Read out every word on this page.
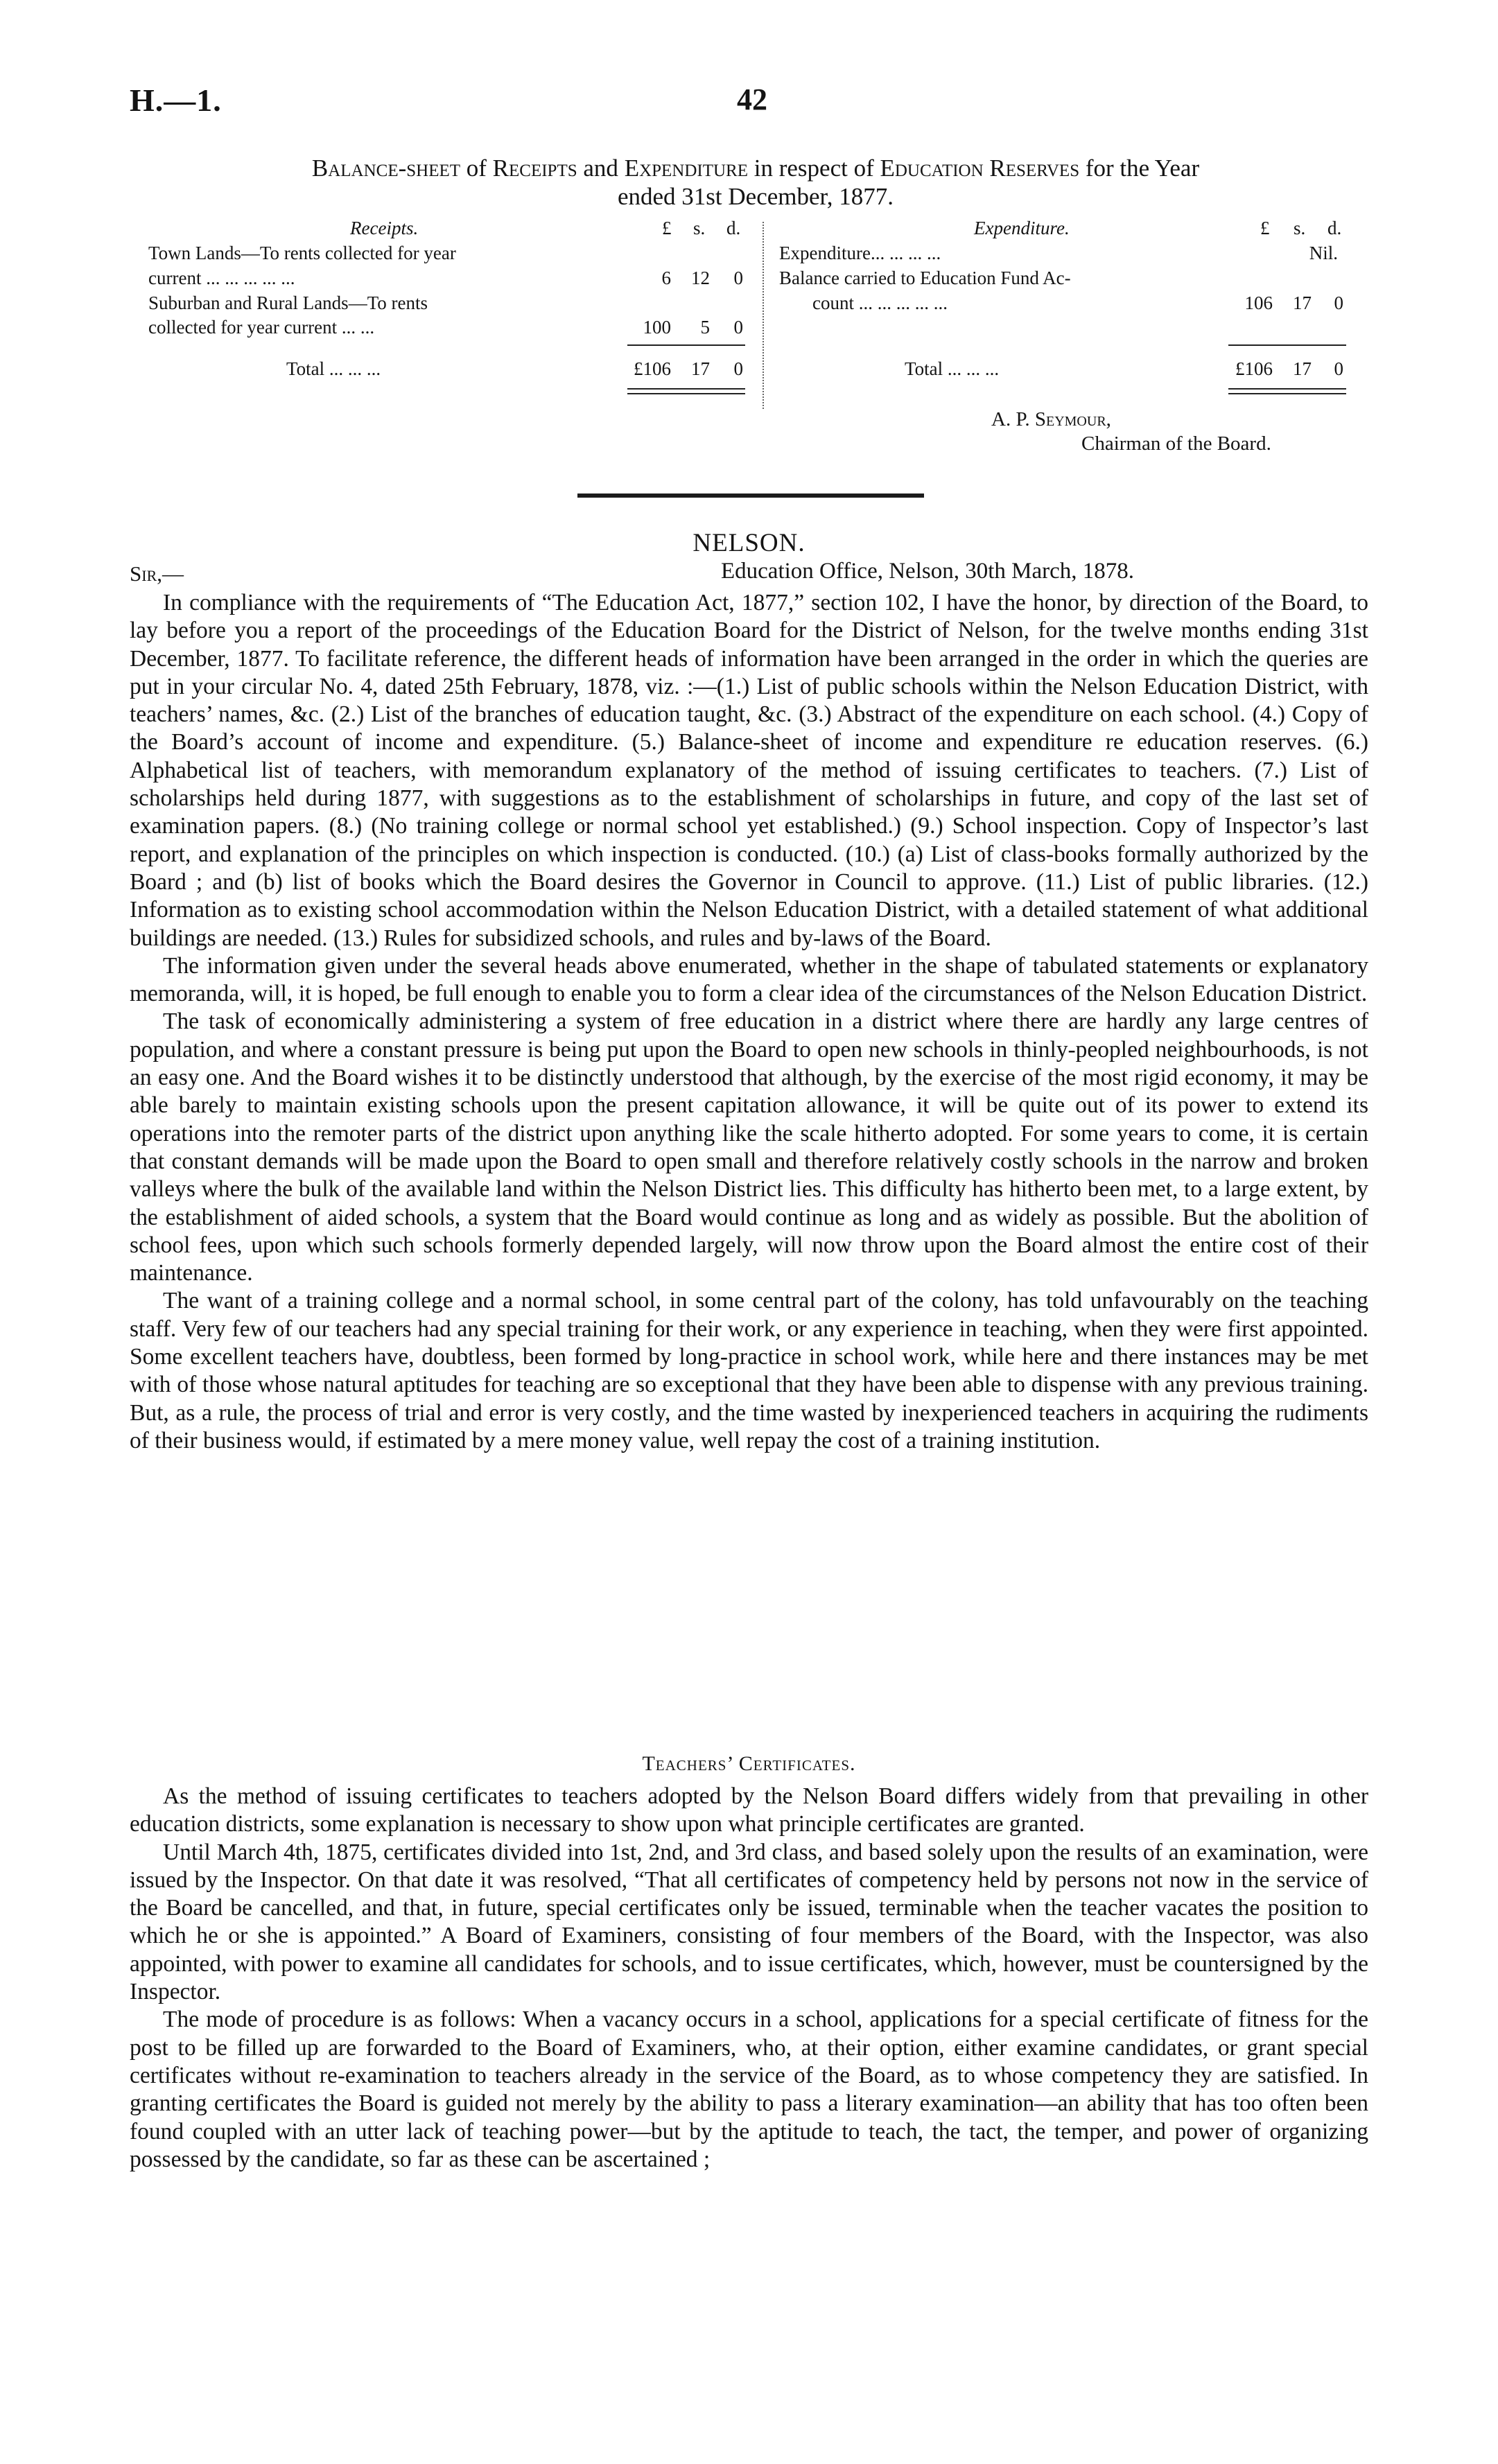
H.—1.	42
Balance-sheet of Receipts and Expenditure in respect of Education Reserves for the Year
ended 31st December, 1877.
Receipts.	£ s. d.
Town Lands—To rents collected for year
current ... ... ... ... ...	6	12	0
Suburban and Rural Lands—To rents
collected for year current ... ...	100	5	0
Total ... ... ...	£106	17	0
Expenditure.	£ s. d.
Expenditure... ... ... ...	Nil.
Balance carried to Education Fund Ac-
count ... ... ... ... ...	106	17	0
Total ... ... ...	£106	17	0
A. P. Seymour,
Chairman of the Board.
NELSON.
Sir,—	Education Office, Nelson, 30th March, 1878.

In compliance with the requirements of “The Education Act, 1877,” section 102, I have the honor, by direction of the Board, to lay before you a report of the proceedings of the Education Board for the District of Nelson, for the twelve months ending 31st December, 1877. To facilitate reference, the different heads of information have been arranged in the order in which the queries are put in your circular No. 4, dated 25th February, 1878, viz. :—(1.) List of public schools within the Nelson Education District, with teachers’ names, &c. (2.) List of the branches of education taught, &c. (3.) Abstract of the expenditure on each school. (4.) Copy of the Board’s account of income and expenditure. (5.) Balance-sheet of income and expenditure re education reserves. (6.) Alphabetical list of teachers, with memorandum explanatory of the method of issuing certificates to teachers. (7.) List of scholarships held during 1877, with suggestions as to the establishment of scholarships in future, and copy of the last set of examination papers. (8.) (No training college or normal school yet established.) (9.) School inspection. Copy of Inspector’s last report, and explanation of the principles on which inspection is conducted. (10.) (a) List of class-books formally authorized by the Board ; and (b) list of books which the Board desires the Governor in Council to approve. (11.) List of public libraries. (12.) Information as to existing school accommodation within the Nelson Education District, with a detailed statement of what additional buildings are needed. (13.) Rules for subsidized schools, and rules and by-laws of the Board.

The information given under the several heads above enumerated, whether in the shape of tabulated statements or explanatory memoranda, will, it is hoped, be full enough to enable you to form a clear idea of the circumstances of the Nelson Education District.

The task of economically administering a system of free education in a district where there are hardly any large centres of population, and where a constant pressure is being put upon the Board to open new schools in thinly-peopled neighbourhoods, is not an easy one. And the Board wishes it to be distinctly understood that although, by the exercise of the most rigid economy, it may be able barely to maintain existing schools upon the present capitation allowance, it will be quite out of its power to extend its operations into the remoter parts of the district upon anything like the scale hitherto adopted. For some years to come, it is certain that constant demands will be made upon the Board to open small and therefore relatively costly schools in the narrow and broken valleys where the bulk of the available land within the Nelson District lies. This difficulty has hitherto been met, to a large extent, by the establishment of aided schools, a system that the Board would continue as long and as widely as possible. But the abolition of school fees, upon which such schools formerly depended largely, will now throw upon the Board almost the entire cost of their maintenance.

The want of a training college and a normal school, in some central part of the colony, has told unfavourably on the teaching staff. Very few of our teachers had any special training for their work, or any experience in teaching, when they were first appointed. Some excellent teachers have, doubtless, been formed by long-practice in school work, while here and there instances may be met with of those whose natural aptitudes for teaching are so exceptional that they have been able to dispense with any previous training. But, as a rule, the process of trial and error is very costly, and the time wasted by inexperienced teachers in acquiring the rudiments of their business would, if estimated by a mere money value, well repay the cost of a training institution.

Teachers’ Certificates.

As the method of issuing certificates to teachers adopted by the Nelson Board differs widely from that prevailing in other education districts, some explanation is necessary to show upon what principle certificates are granted.

Until March 4th, 1875, certificates divided into 1st, 2nd, and 3rd class, and based solely upon the results of an examination, were issued by the Inspector. On that date it was resolved, “That all certificates of competency held by persons not now in the service of the Board be cancelled, and that, in future, special certificates only be issued, terminable when the teacher vacates the position to which he or she is appointed.” A Board of Examiners, consisting of four members of the Board, with the Inspector, was also appointed, with power to examine all candidates for schools, and to issue certificates, which, however, must be countersigned by the Inspector.

The mode of procedure is as follows: When a vacancy occurs in a school, applications for a special certificate of fitness for the post to be filled up are forwarded to the Board of Examiners, who, at their option, either examine candidates, or grant special certificates without re-examination to teachers already in the service of the Board, as to whose competency they are satisfied. In granting certificates the Board is guided not merely by the ability to pass a literary examination—an ability that has too often been found coupled with an utter lack of teaching power—but by the aptitude to teach, the tact, the temper, and power of organizing possessed by the candidate, so far as these can be ascertained ;
